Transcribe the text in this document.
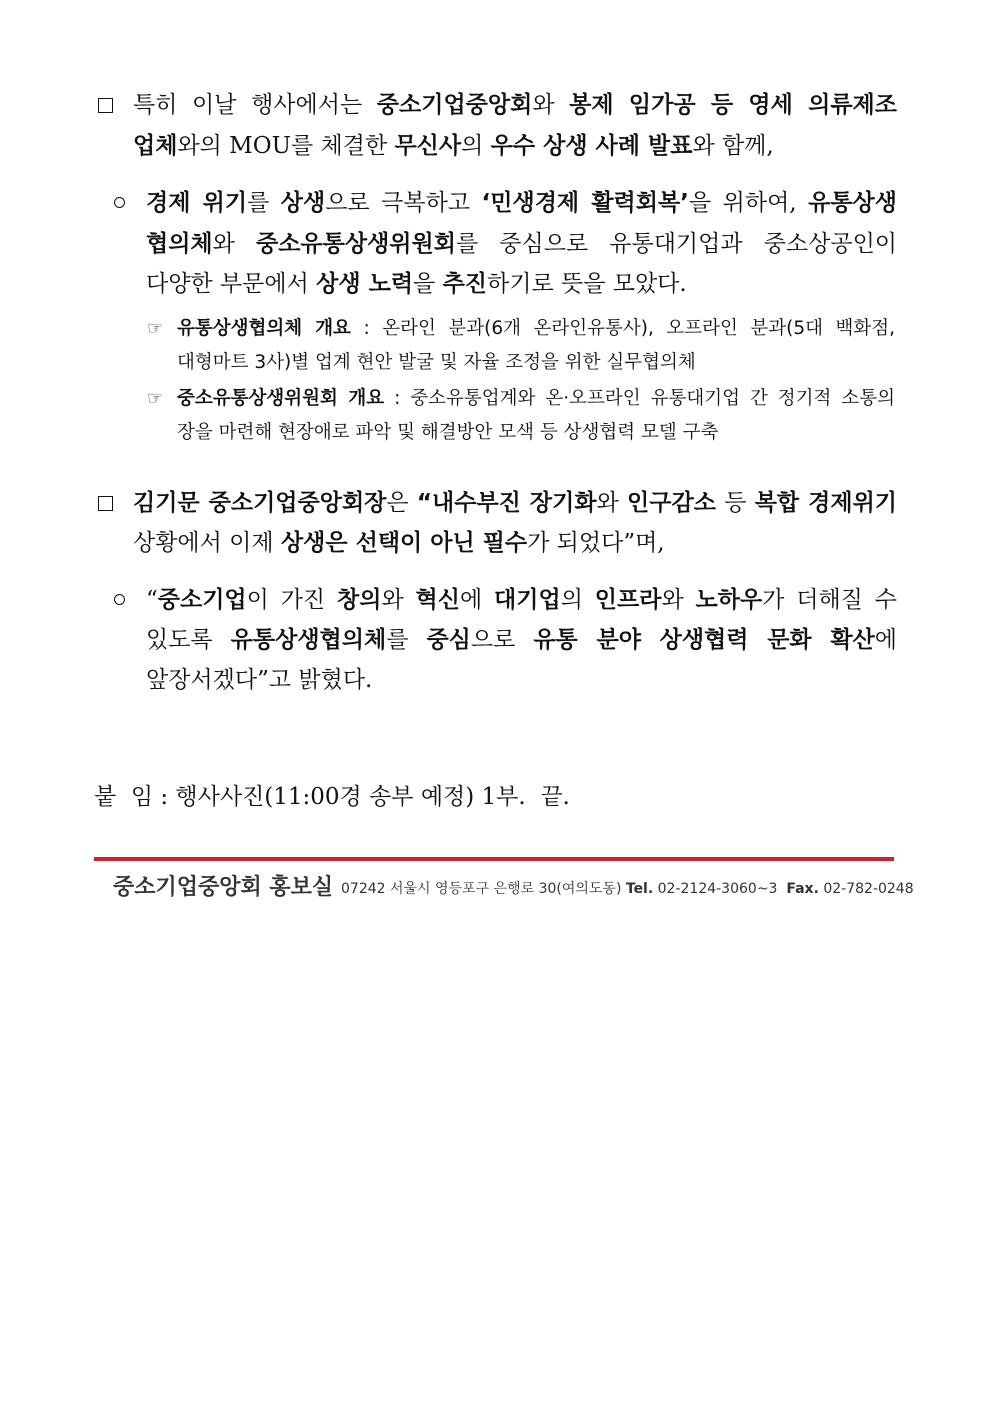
특히 이날 행사에서는 중소기업중앙회와 봉제 임가공 등 영세 의류제조
업체와의 MOU를 체결한 무신사의 우수 상생 사례 발표와 함께,
경제 위기를 상생으로 극복하고 ‘민생경제 활력회복’을 위하여, 유통상생
협의체와 중소유통상생위원회를 중심으로 유통대기업과 중소상공인이
다양한 부문에서 상생 노력을 추진하기로 뜻을 모았다.
☞ 유통상생협의체 개요 : 온라인 분과(6개 온라인유통사), 오프라인 분과(5대 백화점,
대형마트 3사)별 업계 현안 발굴 및 자율 조정을 위한 실무협의체
☞ 중소유통상생위원회 개요 : 중소유통업계와 온·오프라인 유통대기업 간 정기적 소통의
장을 마련해 현장애로 파악 및 해결방안 모색 등 상생협력 모델 구축
김기문 중소기업중앙회장은 “내수부진 장기화와 인구감소 등 복합 경제위기
상황에서 이제 상생은 선택이 아닌 필수가 되었다”며,
“중소기업이 가진 창의와 혁신에 대기업의 인프라와 노하우가 더해질 수
있도록 유통상생협의체를 중심으로 유통 분야 상생협력 문화 확산에
앞장서겠다”고 밝혔다.
붙  임 : 행사사진(11:00경 송부 예정) 1부.  끝.
중소기업중앙회 홍보실 07242 서울시 영등포구 은행로 30(여의도동) Tel. 02-2124-3060~3  Fax. 02-782-0248
